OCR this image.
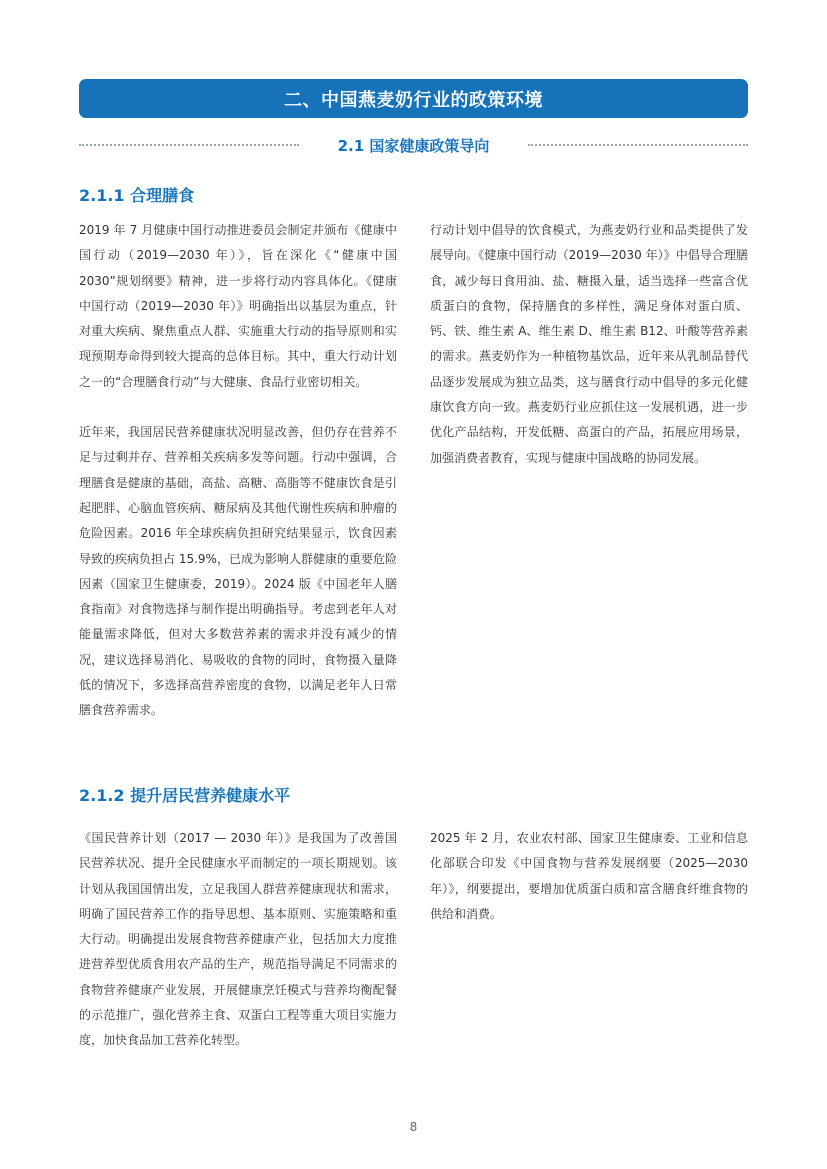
二、中国燕麦奶行业的政策环境
2.1 国家健康政策导向
2.1.1 合理膳食

2019 年 7 月健康中国行动推进委员会制定并颁布《健康中国行动（2019—2030 年）》，旨在深化《“健康中国 2030”规划纲要》精神，进一步将行动内容具体化。《健康中国行动（2019—2030 年）》明确指出以基层为重点，针对重大疾病、聚焦重点人群、实施重大行动的指导原则和实现预期寿命得到较大提高的总体目标。其中，重大行动计划之一的“合理膳食行动”与大健康、食品行业密切相关。

近年来，我国居民营养健康状况明显改善，但仍存在营养不足与过剩并存、营养相关疾病多发等问题。行动中强调，合理膳食是健康的基础，高盐、高糖、高脂等不健康饮食是引起肥胖、心脑血管疾病、糖尿病及其他代谢性疾病和肿瘤的危险因素。2016 年全球疾病负担研究结果显示，饮食因素导致的疾病负担占 15.9%，已成为影响人群健康的重要危险因素（国家卫生健康委，2019）。2024 版《中国老年人膳食指南》对食物选择与制作提出明确指导。考虑到老年人对能量需求降低，但对大多数营养素的需求并没有减少的情况，建议选择易消化、易吸收的食物的同时，食物摄入量降低的情况下，多选择高营养密度的食物，以满足老年人日常膳食营养需求。

行动计划中倡导的饮食模式，为燕麦奶行业和品类提供了发展导向。《健康中国行动（2019—2030 年）》中倡导合理膳食，减少每日食用油、盐、糖摄入量，适当选择一些富含优质蛋白的食物，保持膳食的多样性，满足身体对蛋白质、钙、铁、维生素 A、维生素 D、维生素 B12、叶酸等营养素的需求。燕麦奶作为一种植物基饮品，近年来从乳制品替代品逐步发展成为独立品类，这与膳食行动中倡导的多元化健康饮食方向一致。燕麦奶行业应抓住这一发展机遇，进一步优化产品结构，开发低糖、高蛋白的产品，拓展应用场景，加强消费者教育，实现与健康中国战略的协同发展。

2.1.2 提升居民营养健康水平

《国民营养计划（2017 — 2030 年）》是我国为了改善国民营养状况、提升全民健康水平而制定的一项长期规划。该计划从我国国情出发，立足我国人群营养健康现状和需求，明确了国民营养工作的指导思想、基本原则、实施策略和重大行动。明确提出发展食物营养健康产业，包括加大力度推进营养型优质食用农产品的生产，规范指导满足不同需求的食物营养健康产业发展，开展健康烹饪模式与营养均衡配餐的示范推广，强化营养主食、双蛋白工程等重大项目实施力度，加快食品加工营养化转型。

2025 年 2 月，农业农村部、国家卫生健康委、工业和信息化部联合印发《中国食物与营养发展纲要（2025—2030 年）》，纲要提出，要增加优质蛋白质和富含膳食纤维食物的供给和消费。

8
